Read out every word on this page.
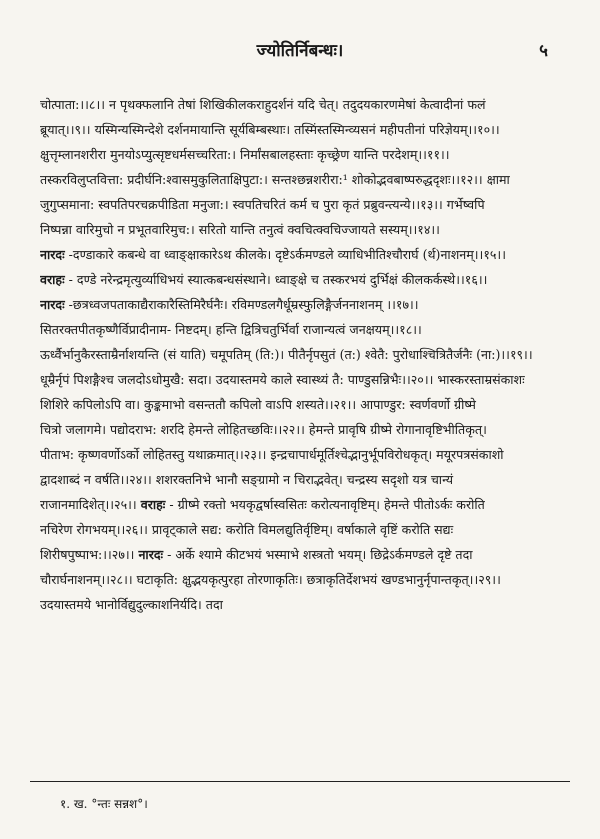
ज्योतिर्निबन्धः।	५
चोत्पाता:।।८।। न पृथक्फलानि तेषां शिखिकीलकराहुदर्शनं यदि चेत्। तदुदयकारणमेषां केत्वादीनां फलं
ब्रूयात्।।९।। यस्मिन्यस्मिन्देशे दर्शनमायान्ति सूर्यबिम्बस्थाः। तस्मिंस्तस्मिन्व्यसनं महीपतीनां परिज्ञेयम्।।१०।।
क्षुत्तृम्लानशरीरा मुनयोऽप्युत्सृष्टधर्मसच्चरिता:। निर्मांसबालहस्ताः कृच्छ्रेण यान्ति परदेशम्।।११।।
तस्करविलुप्तवित्ता: प्रदीर्घनि:श्वासमुकुलिताक्षिपुटा:। सन्तश्छन्नशरीरा:¹ शोकोद्भवबाष्परुद्धदृशः।।१२।। क्षामा
जुगुप्समाना: स्वपतिपरचक्रपीडिता मनुजा:। स्वपतिचरितं कर्म च पुरा कृतं प्रब्रुवन्त्यन्ये।।१३।। गर्भेष्वपि
निष्पन्ना वारिमुचो न प्रभूतवारिमुच:। सरितो यान्ति तनुत्वं क्वचित्क्वचिज्जायते सस्यम्।।१४।।
नारदः -दण्डाकारे कबन्धे वा ध्वाङ्क्षाकारेऽथ कीलके। दृष्टेऽर्कमण्डले व्याधिभीतिश्चौरार्घ (र्थ)नाशनम्।।१५।।
वराहः - दण्डे नरेन्द्रमृत्युर्व्याधिभयं स्यात्कबन्धसंस्थाने। ध्वाङ्क्षे च तस्करभयं दुर्भिक्षं कीलकर्कस्थे।।१६।।
नारदः -छत्रध्वजपताकाद्यैराकारैस्तिमिरैर्घनैः। रविमण्डलगैर्धूम्रस्फुलिङ्गैर्जननाशनम् ।।१७।।
सितरक्तपीतकृष्णैर्विप्रादीनाम- निष्टदम्। हन्ति द्वित्रिचतुर्भिर्वा राजान्यत्वं जनक्षयम्।।१८।।
ऊर्ध्वैर्भानुकैरस्ताम्रैर्नाशयन्ति (सं याति) चमूपतिम् (ति:)। पीतैर्नृपसुतं (त:) श्वेतै: पुरोधाश्चित्रितैर्जनैः (ना:)।।१९।।
धूम्रैर्नृपं पिशङ्गैश्च जलदोऽधोमुखै: सदा। उदयास्तमये काले स्वास्थ्यं तै: पाण्डुसन्निभैः।।२०।। भास्करस्ताम्रसंकाशः
शिशिरे कपिलोऽपि वा। कुङ्कमाभो वसन्ततौ कपिलो वाऽपि शस्यते।।२१।। आपाण्डुर: स्वर्णवर्णो ग्रीष्मे
चित्रो जलागमे। पद्योदराभ: शरदि हेमन्ते लोहितच्छविः।।२२।। हेमन्ते प्रावृषि ग्रीष्मे रोगानावृष्टिभीतिकृत्।
पीताभ: कृष्णवर्णोऽर्को लोहितस्तु यथाक्रमात्।।२३।। इन्द्रचापार्धमूर्तिश्चेद्भानुर्भूपविरोधकृत्। मयूरपत्रसंकाशो
द्वादशाब्दं न वर्षति।।२४।। शशरक्तनिभे भानौ सङ्ग्रामो न चिराद्भवेत्। चन्द्रस्य सदृशो यत्र चान्यं
राजानमादिशेत्।।२५।। वराहः - ग्रीष्मे रक्तो भयकृद्वर्षास्वसितः करोत्यनावृष्टिम्। हेमन्ते पीतोऽर्कः करोति
नचिरेण रोगभयम्।।२६।। प्रावृट्काले सद्य: करोति विमलद्युतिर्वृष्टिम्। वर्षाकाले वृष्टिं करोति सद्यः
शिरीषपुष्पाभ:।।२७।। नारदः - अर्के श्यामे कीटभयं भस्माभे शस्त्रतो भयम्। छिद्रेऽर्कमण्डले दृष्टे तदा
चौरार्घनाशनम्।।२८।। घटाकृति: क्षुद्भयकृत्पुरहा तोरणाकृतिः। छत्राकृतिर्देशभयं खण्डभानुर्नृपान्तकृत्।।२९।।
उदयास्तमये भानोर्विद्युदुल्काशनिर्यदि। तदा
१. ख. °न्तः सन्नश°।
